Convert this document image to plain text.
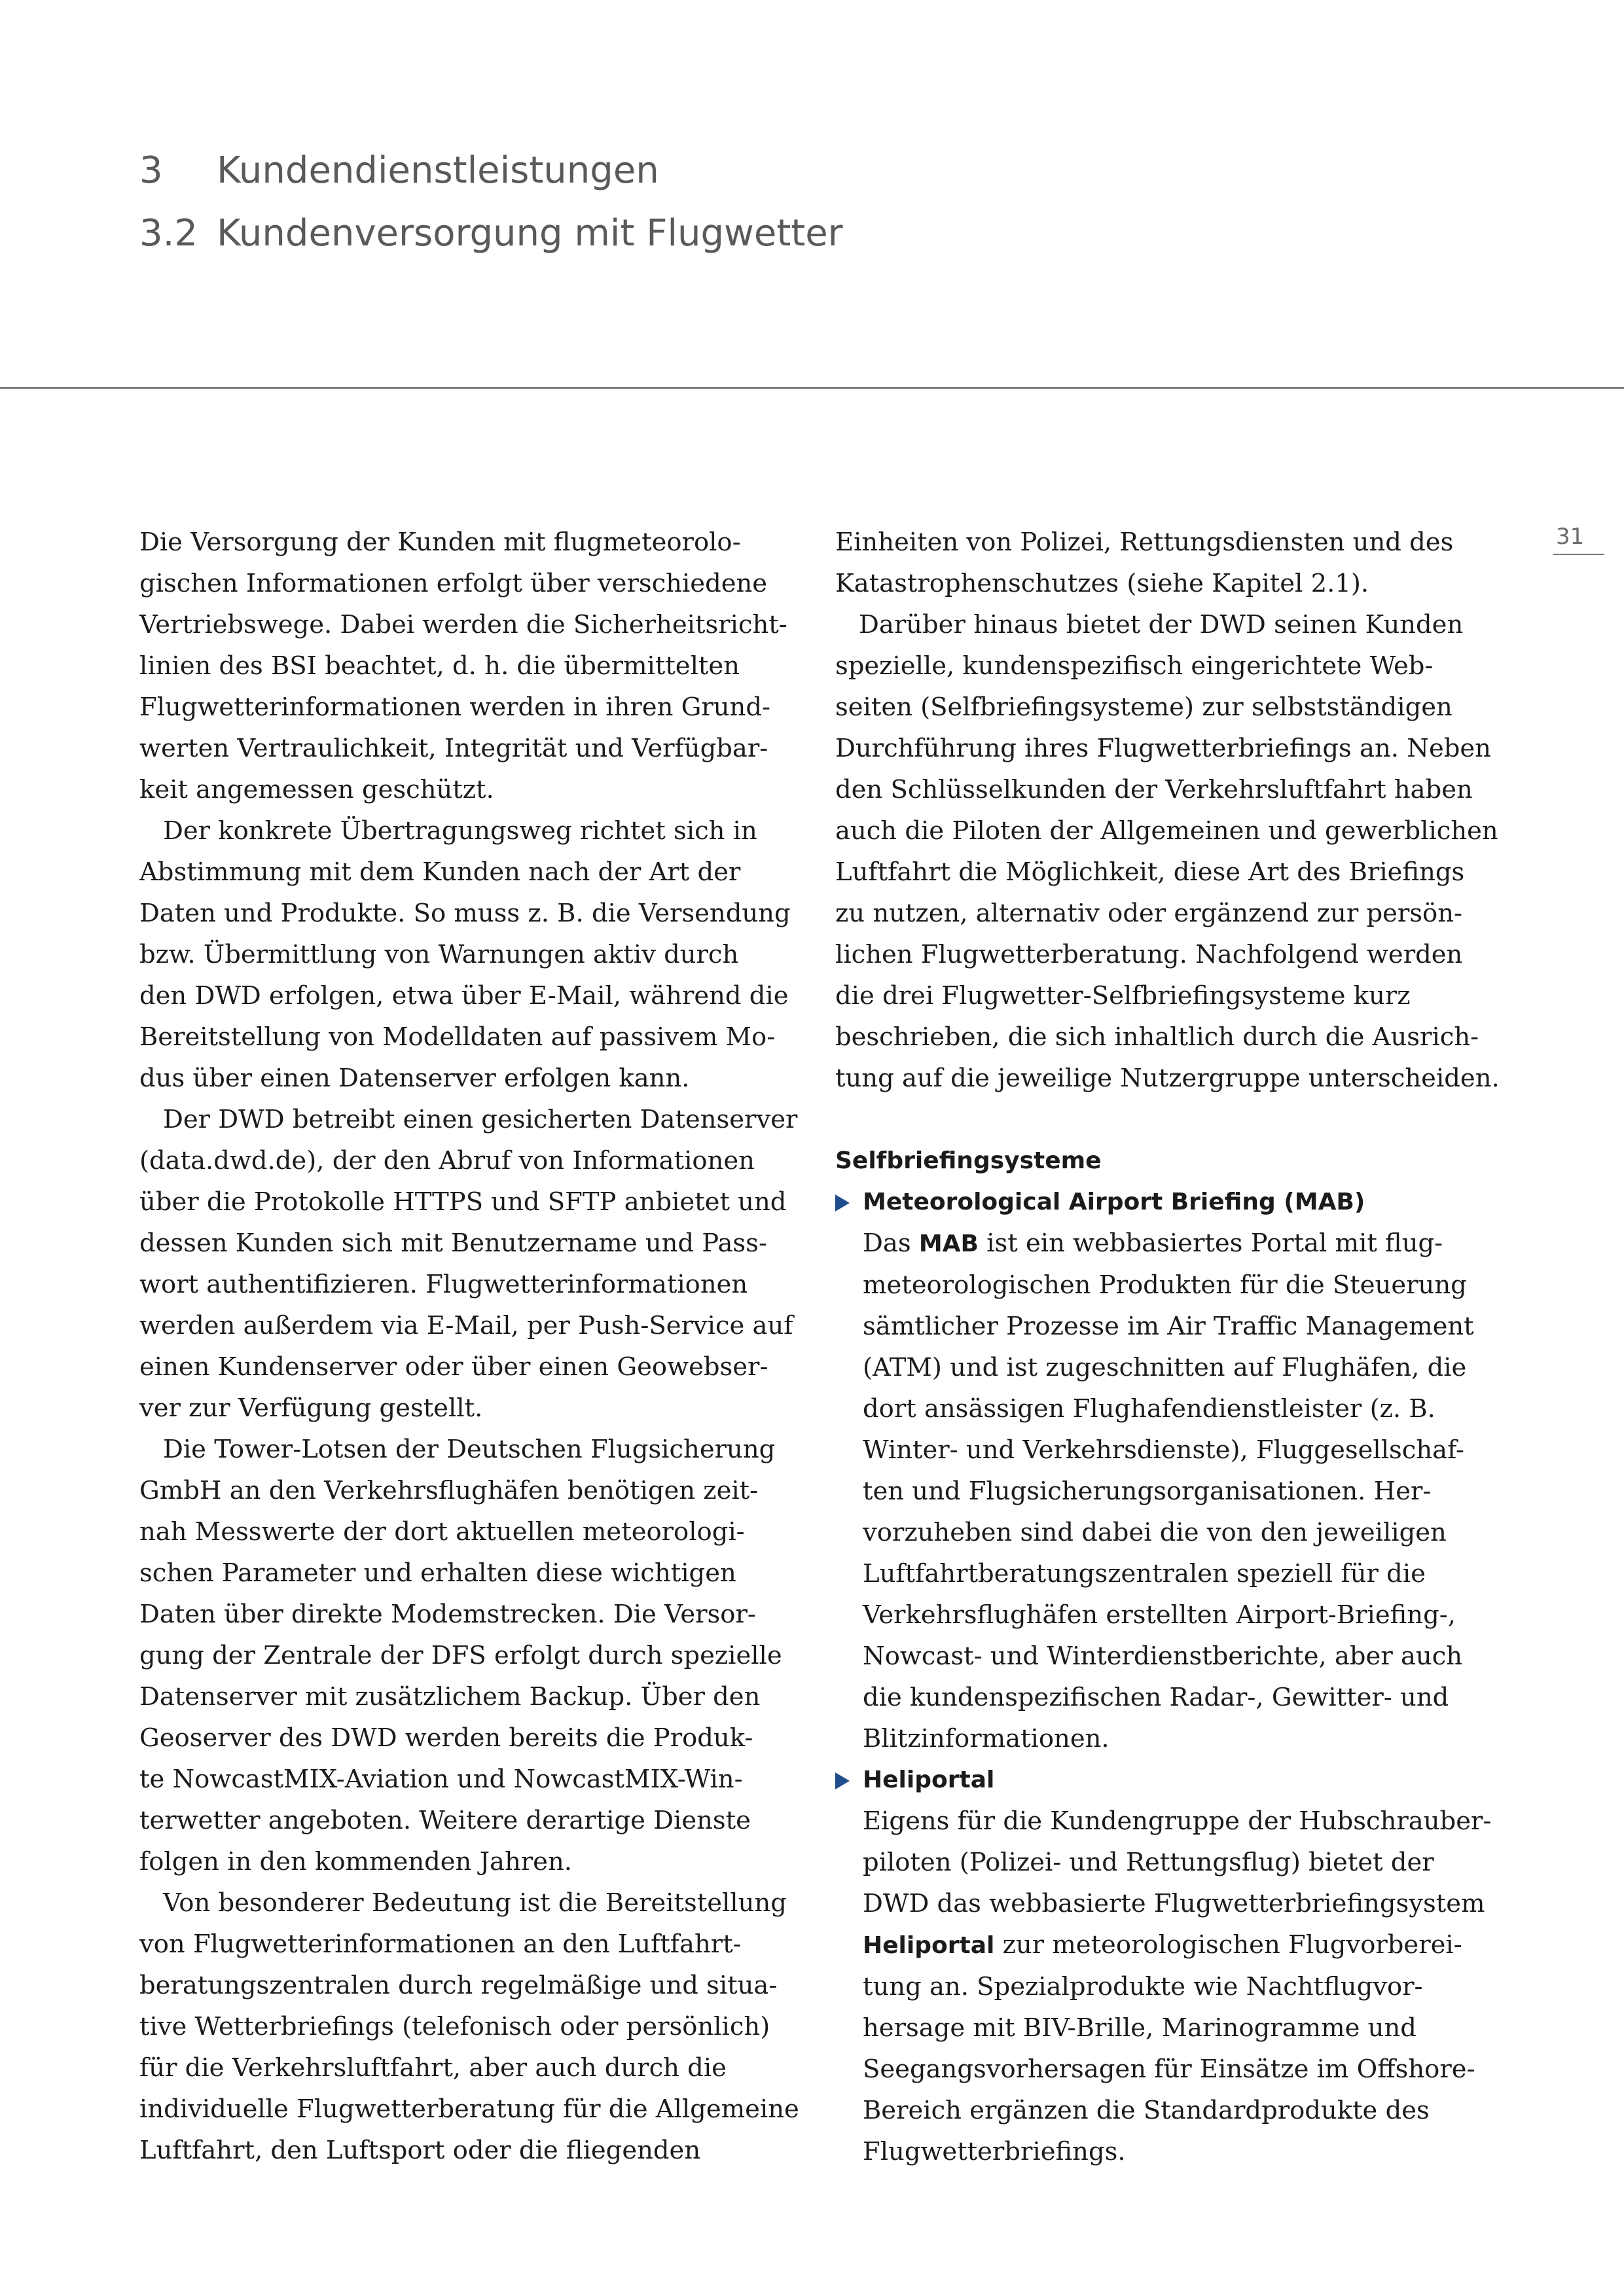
3 Kundendienstleistungen
3.2 Kundenversorgung mit Flugwetter
31
Die Versorgung der Kunden mit flugmeteorolo-
gischen Informationen erfolgt über verschiedene
Vertriebswege. Dabei werden die Sicherheitsricht-
linien des BSI beachtet, d. h. die übermittelten
Flugwetterinformationen werden in ihren Grund-
werten Vertraulichkeit, Integrität und Verfügbar-
keit angemessen geschützt.
Der konkrete Übertragungsweg richtet sich in
Abstimmung mit dem Kunden nach der Art der
Daten und Produkte. So muss z. B. die Versendung
bzw. Übermittlung von Warnungen aktiv durch
den DWD erfolgen, etwa über E-Mail, während die
Bereitstellung von Modelldaten auf passivem Mo-
dus über einen Datenserver erfolgen kann.
Der DWD betreibt einen gesicherten Datenserver
(data.dwd.de), der den Abruf von Informationen
über die Protokolle HTTPS und SFTP anbietet und
dessen Kunden sich mit Benutzername und Pass-
wort authentifizieren. Flugwetterinformationen
werden außerdem via E-Mail, per Push-Service auf
einen Kundenserver oder über einen Geowebser-
ver zur Verfügung gestellt.
Die Tower-Lotsen der Deutschen Flugsicherung
GmbH an den Verkehrsflughäfen benötigen zeit-
nah Messwerte der dort aktuellen meteorologi-
schen Parameter und erhalten diese wichtigen
Daten über direkte Modemstrecken. Die Versor-
gung der Zentrale der DFS erfolgt durch spezielle
Datenserver mit zusätzlichem Backup. Über den
Geoserver des DWD werden bereits die Produk-
te NowcastMIX-Aviation und NowcastMIX-Win-
terwetter angeboten. Weitere derartige Dienste
folgen in den kommenden Jahren.
Von besonderer Bedeutung ist die Bereitstellung
von Flugwetterinformationen an den Luftfahrt-
beratungszentralen durch regelmäßige und situa-
tive Wetterbriefings (telefonisch oder persönlich)
für die Verkehrsluftfahrt, aber auch durch die
individuelle Flugwetterberatung für die Allgemeine
Luftfahrt, den Luftsport oder die fliegenden
Einheiten von Polizei, Rettungsdiensten und des
Katastrophenschutzes (siehe Kapitel 2.1).
Darüber hinaus bietet der DWD seinen Kunden
spezielle, kundenspezifisch eingerichtete Web-
seiten (Selfbriefingsysteme) zur selbstständigen
Durchführung ihres Flugwetterbriefings an. Neben
den Schlüsselkunden der Verkehrsluftfahrt haben
auch die Piloten der Allgemeinen und gewerblichen
Luftfahrt die Möglichkeit, diese Art des Briefings
zu nutzen, alternativ oder ergänzend zur persön-
lichen Flugwetterberatung. Nachfolgend werden
die drei Flugwetter-Selfbriefingsysteme kurz
beschrieben, die sich inhaltlich durch die Ausrich-
tung auf die jeweilige Nutzergruppe unterscheiden.
Selfbriefingsysteme
Meteorological Airport Briefing (MAB)
Das MAB ist ein webbasiertes Portal mit flug-
meteorologischen Produkten für die Steuerung
sämtlicher Prozesse im Air Traffic Management
(ATM) und ist zugeschnitten auf Flughäfen, die
dort ansässigen Flughafendienstleister (z. B.
Winter- und Verkehrsdienste), Fluggesellschaf-
ten und Flugsicherungsorganisationen. Her-
vorzuheben sind dabei die von den jeweiligen
Luftfahrtberatungszentralen speziell für die
Verkehrsflughäfen erstellten Airport-Briefing-,
Nowcast- und Winterdienstberichte, aber auch
die kundenspezifischen Radar-, Gewitter- und
Blitzinformationen.
Heliportal
Eigens für die Kundengruppe der Hubschrauber-
piloten (Polizei- und Rettungsflug) bietet der
DWD das webbasierte Flugwetterbriefingsystem
Heliportal zur meteorologischen Flugvorberei-
tung an. Spezialprodukte wie Nachtflugvor-
hersage mit BIV-Brille, Marinogramme und
Seegangsvorhersagen für Einsätze im Offshore-
Bereich ergänzen die Standardprodukte des
Flugwetterbriefings.
